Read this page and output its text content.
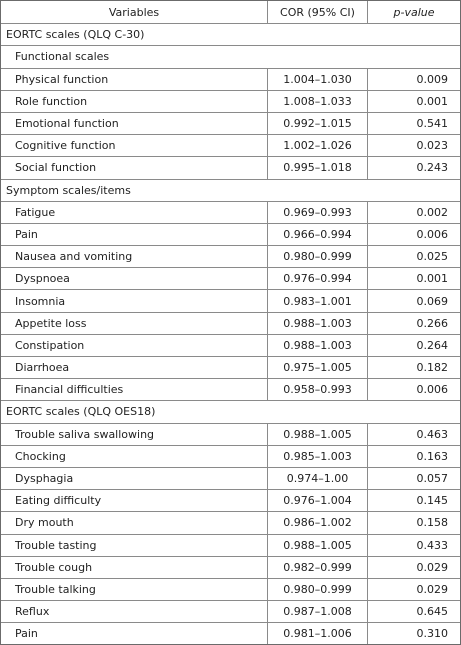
Variables	COR (95% CI)	p-value
EORTC scales (QLQ C-30)
Functional scales
Physical function	1.004–1.030	0.009
Role function	1.008–1.033	0.001
Emotional function	0.992–1.015	0.541
Cognitive function	1.002–1.026	0.023
Social function	0.995–1.018	0.243
Symptom scales/items
Fatigue	0.969–0.993	0.002
Pain	0.966–0.994	0.006
Nausea and vomiting	0.980–0.999	0.025
Dyspnoea	0.976–0.994	0.001
Insomnia	0.983–1.001	0.069
Appetite loss	0.988–1.003	0.266
Constipation	0.988–1.003	0.264
Diarrhoea	0.975–1.005	0.182
Financial difficulties	0.958–0.993	0.006
EORTC scales (QLQ OES18)
Trouble saliva swallowing	0.988–1.005	0.463
Chocking	0.985–1.003	0.163
Dysphagia	0.974–1.00	0.057
Eating difficulty	0.976–1.004	0.145
Dry mouth	0.986–1.002	0.158
Trouble tasting	0.988–1.005	0.433
Trouble cough	0.982–0.999	0.029
Trouble talking	0.980–0.999	0.029
Reflux	0.987–1.008	0.645
Pain	0.981–1.006	0.310
